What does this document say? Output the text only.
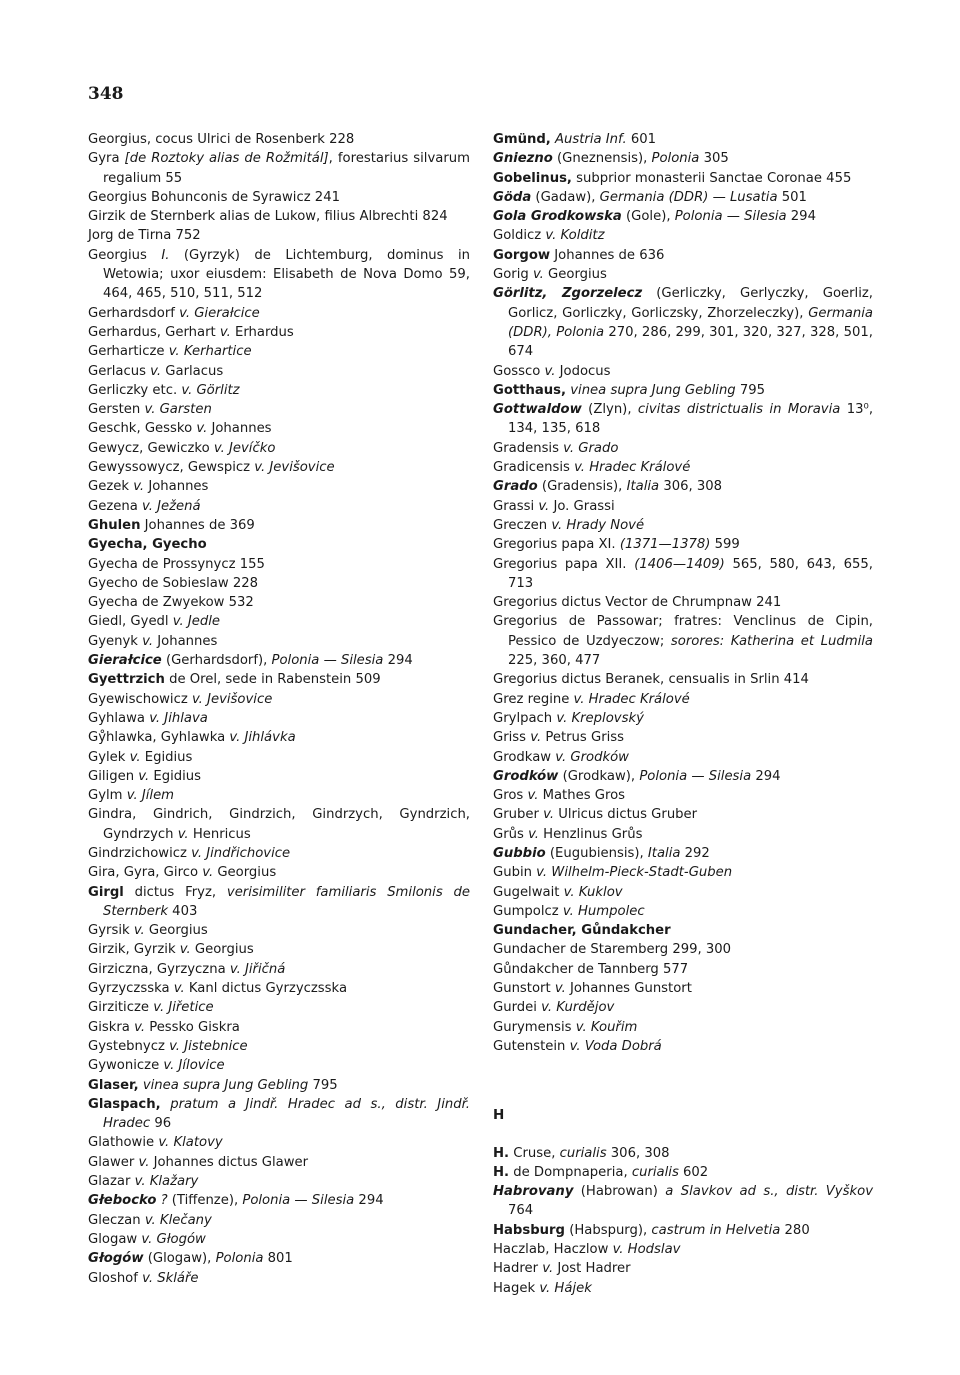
348
Georgius, cocus Ulrici de Rosenberk 228
Gyra [de Roztoky alias de Rožmitál], forestarius silvarum regalium 55
Georgius Bohunconis de Syrawicz 241
Girzik de Sternberk alias de Lukow, filius Albrechti 824
Jorg de Tirna 752
Georgius I. (Gyrzyk) de Lichtemburg, dominus in Wetowia; uxor eiusdem: Elisabeth de Nova Domo 59, 464, 465, 510, 511, 512
Gerhardsdorf v. Gierałcice
Gerhardus, Gerhart v. Erhardus
Gerharticze v. Kerhartice
Gerlacus v. Garlacus
Gerliczky etc. v. Görlitz
Gersten v. Garsten
Geschk, Gessko v. Johannes
Gewycz, Gewiczko v. Jevíčko
Gewyssowycz, Gewspicz v. Jevišovice
Gezek v. Johannes
Gezena v. Ježená
Ghulen Johannes de 369
Gyecha, Gyecho
Gyecha de Prossynycz 155
Gyecho de Sobieslaw 228
Gyecha de Zwyekow 532
Giedl, Gyedl v. Jedle
Gyenyk v. Johannes
Gierałcice (Gerhardsdorf), Polonia — Silesia 294
Gyettrzich de Orel, sede in Rabenstein 509
Gyewischowicz v. Jevišovice
Gyhlawa v. Jihlava
Gẙhlawka, Gyhlawka v. Jihlávka
Gylek v. Egidius
Giligen v. Egidius
Gylm v. Jílem
Gindra, Gindrich, Gindrzich, Gindrzych, Gyndrzich, Gyndrzych v. Henricus
Gindrzichowicz v. Jindřichovice
Gira, Gyra, Girco v. Georgius
Girgl dictus Fryz, verisimiliter familiaris Smilonis de Sternberk 403
Gyrsik v. Georgius
Girzik, Gyrzik v. Georgius
Girziczna, Gyrzyczna v. Jiřičná
Gyrzyczsska v. Kanl dictus Gyrzyczsska
Girziticze v. Jiřetice
Giskra v. Pessko Giskra
Gystebnycz v. Jistebnice
Gywonicze v. Jílovice
Glaser, vinea supra Jung Gebling 795
Glaspach, pratum a Jindř. Hradec ad s., distr. Jindř. Hradec 96
Glathowie v. Klatovy
Glawer v. Johannes dictus Glawer
Glazar v. Klažary
Głebocko ? (Tiffenze), Polonia — Silesia 294
Gleczan v. Klečany
Glogaw v. Głogów
Głogów (Glogaw), Polonia 801
Gloshof v. Skláře
Gmünd, Austria Inf. 601
Gniezno (Gneznensis), Polonia 305
Gobelinus, subprior monasterii Sanctae Coronae 455
Göda (Gadaw), Germania (DDR) — Lusatia 501
Gola Grodkowska (Gole), Polonia — Silesia 294
Goldicz v. Kolditz
Gorgow Johannes de 636
Gorig v. Georgius
Görlitz, Zgorzelecz (Gerliczky, Gerlyczky, Goerliz, Gorlicz, Gorliczky, Gorliczsky, Zhorzeleczky), Germania (DDR), Polonia 270, 286, 299, 301, 320, 327, 328, 501, 674
Gossco v. Jodocus
Gotthaus, vinea supra Jung Gebling 795
Gottwaldow (Zlyn), civitas districtualis in Moravia 13⁰, 134, 135, 618
Gradensis v. Grado
Gradicensis v. Hradec Králové
Grado (Gradensis), Italia 306, 308
Grassi v. Jo. Grassi
Greczen v. Hrady Nové
Gregorius papa XI. (1371—1378) 599
Gregorius papa XII. (1406—1409) 565, 580, 643, 655, 713
Gregorius dictus Vector de Chrumpnaw 241
Gregorius de Passowar; fratres: Venclinus de Cipin, Pessico de Uzdyeczow; sorores: Katherina et Ludmila 225, 360, 477
Gregorius dictus Beranek, censualis in Srlin 414
Grez regine v. Hradec Králové
Grylpach v. Kreplovský
Griss v. Petrus Griss
Grodkaw v. Grodków
Grodków (Grodkaw), Polonia — Silesia 294
Gros v. Mathes Gros
Gruber v. Ulricus dictus Gruber
Grůs v. Henzlinus Grůs
Gubbio (Eugubiensis), Italia 292
Gubin v. Wilhelm-Pieck-Stadt-Guben
Gugelwait v. Kuklov
Gumpolcz v. Humpolec
Gundacher, Gůndakcher
Gundacher de Staremberg 299, 300
Gůndakcher de Tannberg 577
Gunstort v. Johannes Gunstort
Gurdei v. Kurdějov
Gurymensis v. Kouřim
Gutenstein v. Voda Dobrá
H
H. Cruse, curialis 306, 308
H. de Dompnaperia, curialis 602
Habrovany (Habrowan) a Slavkov ad s., distr. Vyškov 764
Habsburg (Habspurg), castrum in Helvetia 280
Haczlab, Haczlow v. Hodslav
Hadrer v. Jost Hadrer
Hagek v. Hájek
